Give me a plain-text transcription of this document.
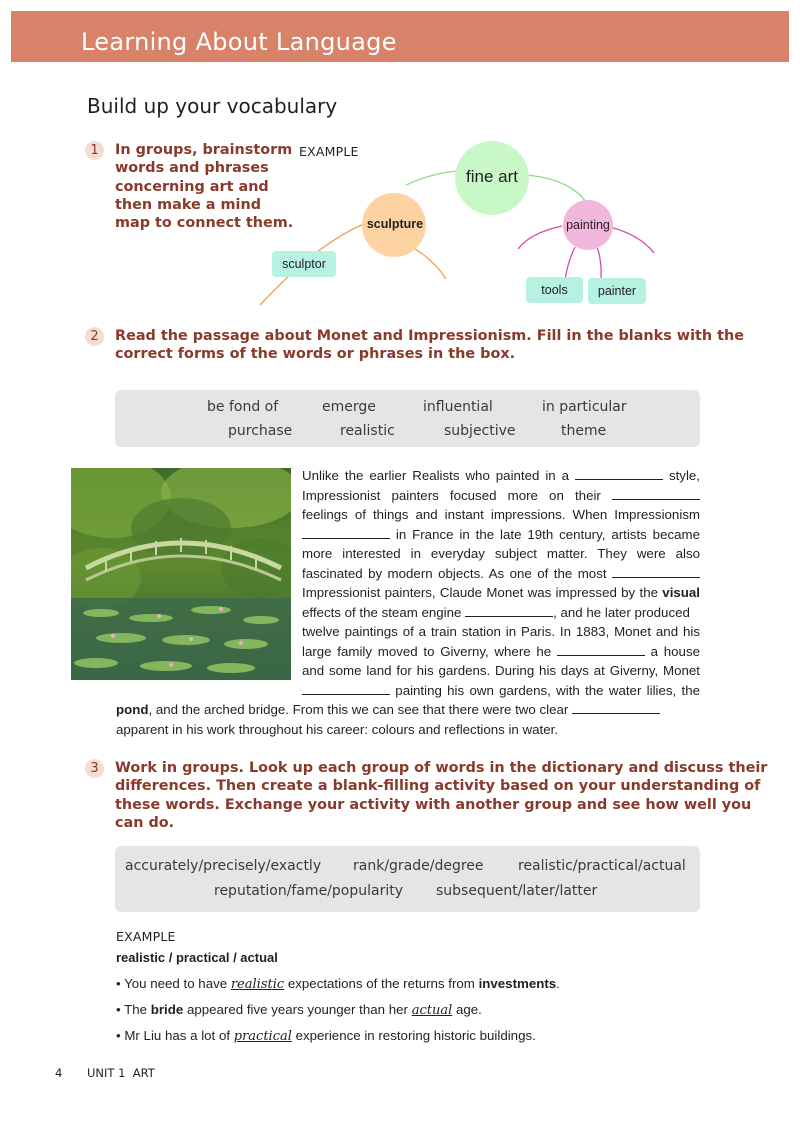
Learning About Language
Build up your vocabulary
1	In groups, brainstorm
words and phrases
concerning art and
then make a mind
map to connect them.
EXAMPLE
fine art
sculpture	painting
sculptor
tools	painter
2	Read the passage about Monet and Impressionism. Fill in the blanks with the
correct forms of the words or phrases in the box.
be fond of	emerge	influential	in particular
purchase	realistic	subjective	theme
Unlike the earlier Realists who painted in a	style,
Impressionist painters focused more on their
feelings of things and instant impressions. When Impressionism
in France in the late 19th century, artists became
more interested in everyday subject matter. They were also
fascinated by modern objects. As one of the most
Impressionist painters, Claude Monet was impressed by the visual
effects of the steam engine	, and he later produced
twelve paintings of a train station in Paris. In 1883, Monet and his
large family moved to Giverny, where he	a house
and some land for his gardens. During his days at Giverny, Monet
painting his own gardens, with the water lilies, the
pond, and the arched bridge. From this we can see that there were two clear
apparent in his work throughout his career: colours and reflections in water.
3	Work in groups. Look up each group of words in the dictionary and discuss their
differences. Then create a blank-filling activity based on your understanding of
these words. Exchange your activity with another group and see how well you
can do.
accurately/precisely/exactly rank/grade/degree realistic/practical/actual
reputation/fame/popularity subsequent/later/latter
EXAMPLE
realistic / practical / actual
• You need to have realistic expectations of the returns from investments.
• The bride appeared five years younger than her actual age.
• Mr Liu has a lot of practical experience in restoring historic buildings.
4 UNIT 1  ART
